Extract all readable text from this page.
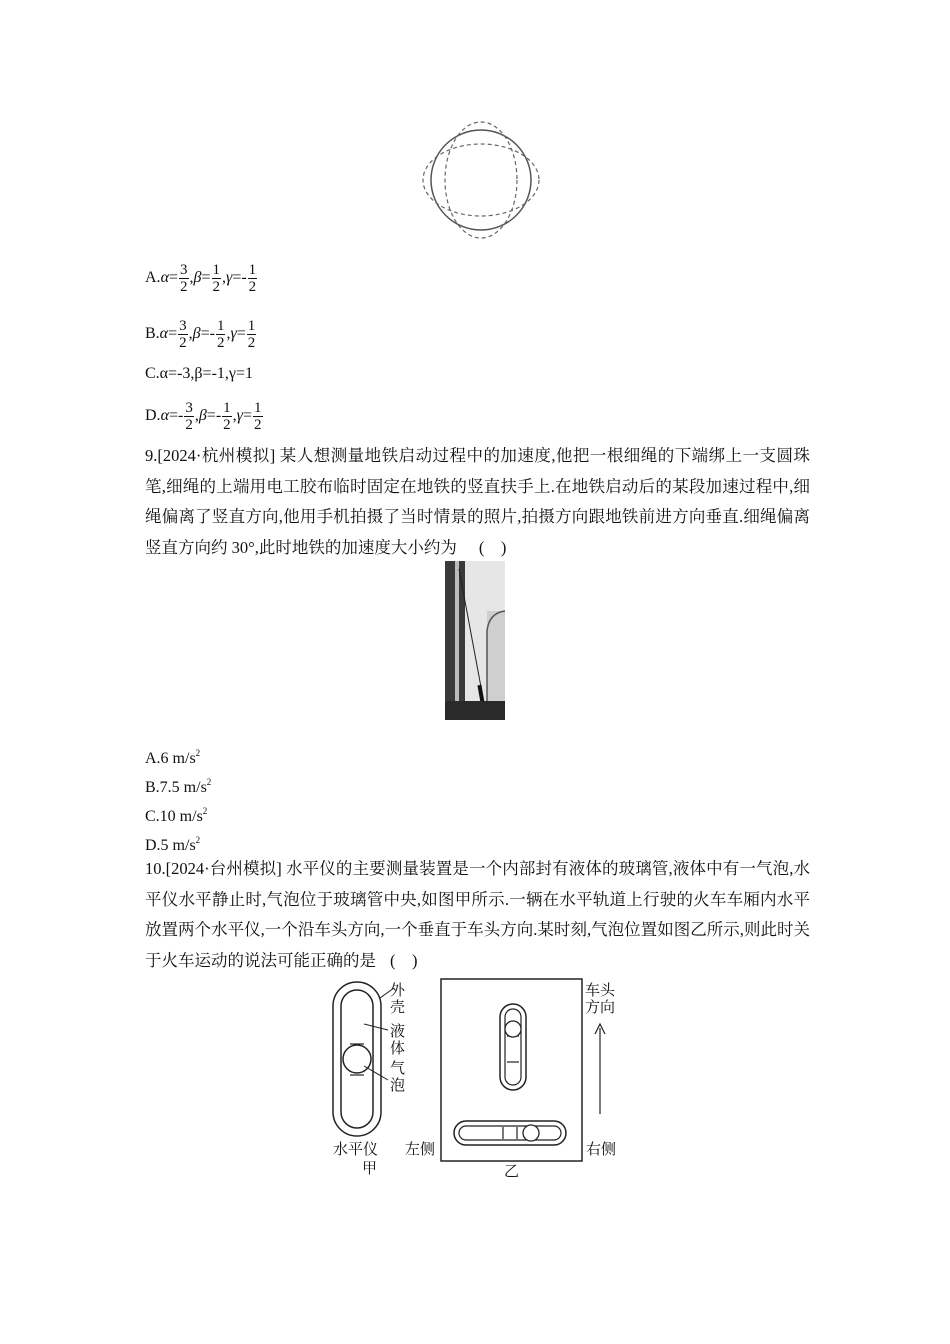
$A.\alpha= \frac{3}{2} ,\beta= \frac{1}{2} ,\gamma=- \frac{1}{2}$
$B.\alpha= \frac{3}{2} ,\beta=- \frac{1}{2} ,\gamma= \frac{1}{2}$
C.α=-3,β=-1,γ=1
$D.\alpha=- \frac{3}{2} ,\beta=- \frac{1}{2} ,\gamma= \frac{1}{2}$
9.[2024·杭州模拟] 某人想测量地铁启动过程中的加速度,他把一根细绳的下端绑上一支圆珠笔,细绳的上端用电工胶布临时固定在地铁的竖直扶手上.在地铁启动后的某段加速过程中,细绳偏离了竖直方向,他用手机拍摄了当时情景的照片,拍摄方向跟地铁前进方向垂直.细绳偏离竖直方向约 30°,此时地铁的加速度大小约为 (    )
A.6 $m/s^2$
B.7.5 $m/s^2$
C.10 $m/s^2$
D.5 $m/s^2$
10.[2024·台州模拟] 水平仪的主要测量装置是一个内部封有液体的玻璃管,液体中有一气泡,水平仪水平静止时,气泡位于玻璃管中央,如图甲所示.一辆在水平轨道上行驶的火车车厢内水平放置两个水平仪,一个沿车头方向,一个垂直于车头方向.某时刻,气泡位置如图乙所示,则此时关于火车运动的说法可能正确的是 (    )
外
壳
液
体
气
泡
水平仪
甲
车头
方向
左侧	右侧
乙
